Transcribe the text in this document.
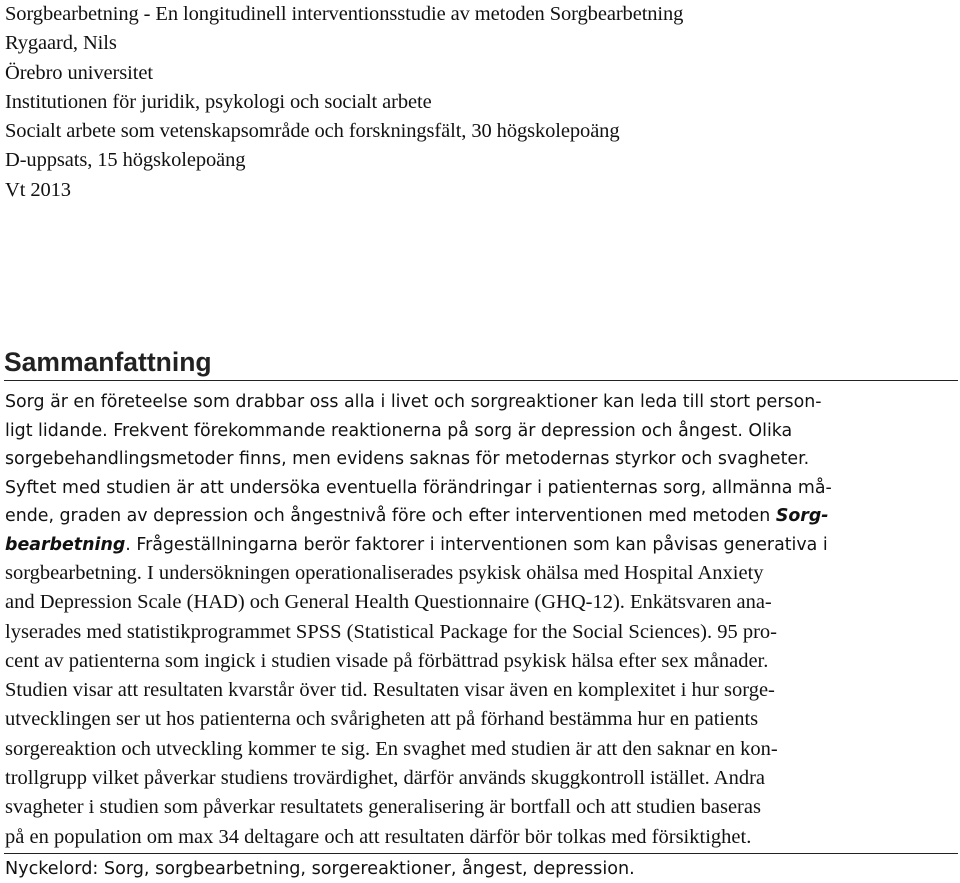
Sorgbearbetning - En longitudinell interventionsstudie av metoden Sorgbearbetning
Rygaard, Nils
Örebro universitet
Institutionen för juridik, psykologi och socialt arbete
Socialt arbete som vetenskapsområde och forskningsfält, 30 högskolepoäng
D-uppsats, 15 högskolepoäng
Vt 2013
Sammanfattning
Sorg är en företeelse som drabbar oss alla i livet och sorgreaktioner kan leda till stort person-
ligt lidande. Frekvent förekommande reaktionerna på sorg är depression och ångest. Olika
sorgebehandlingsmetoder finns, men evidens saknas för metodernas styrkor och svagheter.
Syftet med studien är att undersöka eventuella förändringar i patienternas sorg, allmänna må-
ende, graden av depression och ångestnivå före och efter interventionen med metoden Sorg-
bearbetning. Frågeställningarna berör faktorer i interventionen som kan påvisas generativa i
sorgbearbetning. I undersökningen operationaliserades psykisk ohälsa med Hospital Anxiety
and Depression Scale (HAD) och General Health Questionnaire (GHQ-12). Enkätsvaren ana-
lyserades med statistikprogrammet SPSS (Statistical Package for the Social Sciences). 95 pro-
cent av patienterna som ingick i studien visade på förbättrad psykisk hälsa efter sex månader.
Studien visar att resultaten kvarstår över tid. Resultaten visar även en komplexitet i hur sorge-
utvecklingen ser ut hos patienterna och svårigheten att på förhand bestämma hur en patients
sorgereaktion och utveckling kommer te sig. En svaghet med studien är att den saknar en kon-
trollgrupp vilket påverkar studiens trovärdighet, därför används skuggkontroll istället. Andra
svagheter i studien som påverkar resultatets generalisering är bortfall och att studien baseras
på en population om max 34 deltagare och att resultaten därför bör tolkas med försiktighet.
Nyckelord: Sorg, sorgbearbetning, sorgereaktioner, ångest, depression.
